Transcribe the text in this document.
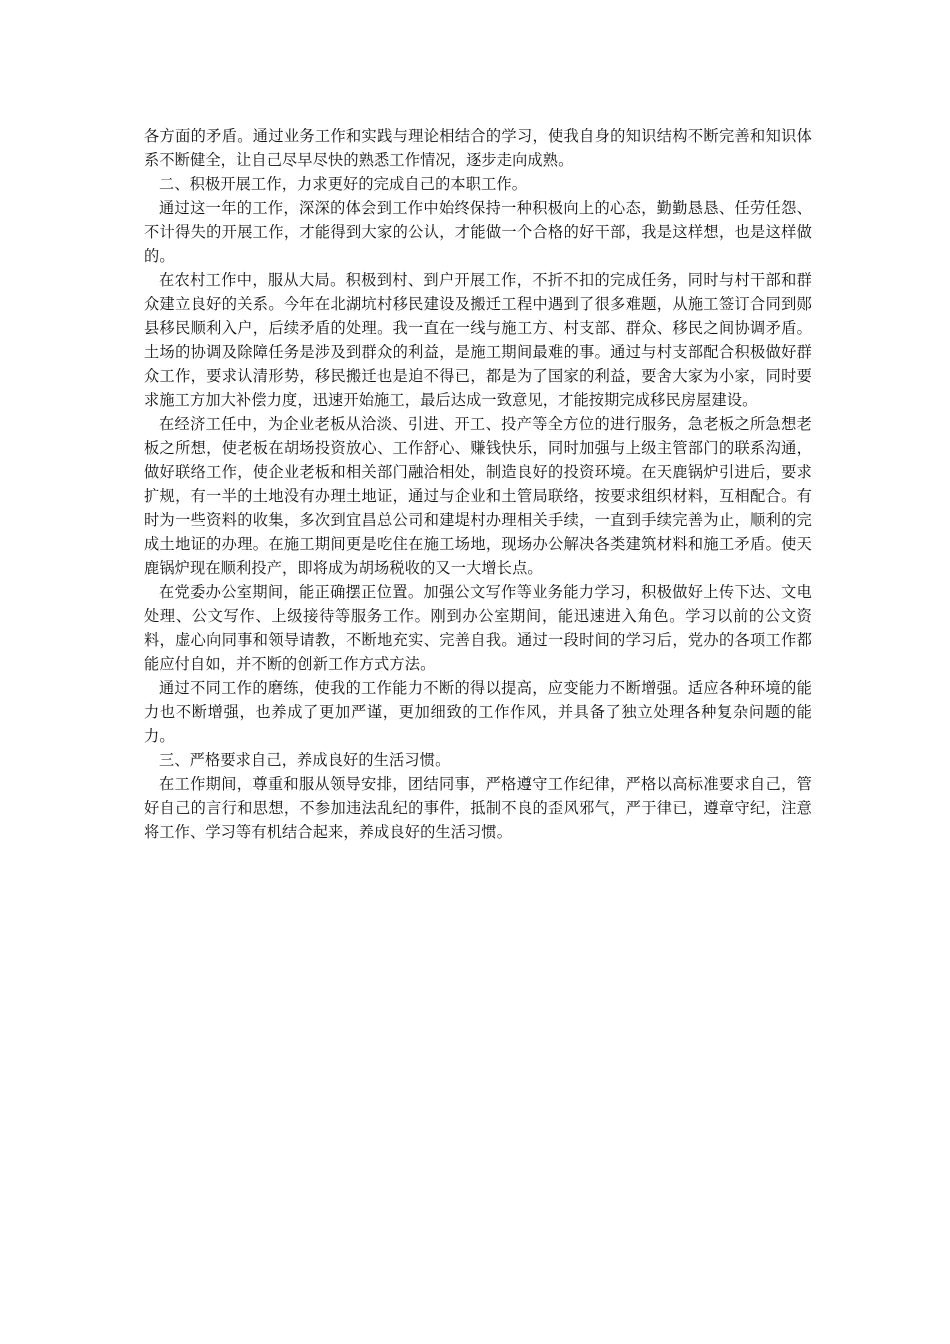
各方面的矛盾。通过业务工作和实践与理论相结合的学习，使我自身的知识结构不断完善和知识体系不断健全，让自己尽早尽快的熟悉工作情况，逐步走向成熟。

二、积极开展工作，力求更好的完成自己的本职工作。

通过这一年的工作，深深的体会到工作中始终保持一种积极向上的心态，勤勤恳恳、任劳任怨、不计得失的开展工作，才能得到大家的公认，才能做一个合格的好干部，我是这样想，也是这样做的。

在农村工作中，服从大局。积极到村、到户开展工作，不折不扣的完成任务，同时与村干部和群众建立良好的关系。今年在北湖坑村移民建设及搬迁工程中遇到了很多难题，从施工签订合同到郧县移民顺利入户，后续矛盾的处理。我一直在一线与施工方、村支部、群众、移民之间协调矛盾。土场的协调及除障任务是涉及到群众的利益，是施工期间最难的事。通过与村支部配合积极做好群众工作，要求认清形势，移民搬迁也是迫不得已，都是为了国家的利益，要舍大家为小家，同时要求施工方加大补偿力度，迅速开始施工，最后达成一致意见，才能按期完成移民房屋建设。

在经济工任中，为企业老板从洽淡、引进、开工、投产等全方位的进行服务，急老板之所急想老板之所想，使老板在胡场投资放心、工作舒心、赚钱快乐，同时加强与上级主管部门的联系沟通，做好联络工作，使企业老板和相关部门融洽相处，制造良好的投资环境。在天鹿锅炉引进后，要求扩规，有一半的土地没有办理土地证，通过与企业和土管局联络，按要求组织材料，互相配合。有时为一些资料的收集，多次到宜昌总公司和建堤村办理相关手续，一直到手续完善为止，顺利的完成土地证的办理。在施工期间更是吃住在施工场地，现场办公解决各类建筑材料和施工矛盾。使天鹿锅炉现在顺利投产，即将成为胡场税收的又一大增长点。

在党委办公室期间，能正确摆正位置。加强公文写作等业务能力学习，积极做好上传下达、文电处理、公文写作、上级接待等服务工作。刚到办公室期间，能迅速进入角色。学习以前的公文资料，虚心向同事和领导请教，不断地充实、完善自我。通过一段时间的学习后，党办的各项工作都能应付自如，并不断的创新工作方式方法。

通过不同工作的磨练，使我的工作能力不断的得以提高，应变能力不断增强。适应各种环境的能力也不断增强，也养成了更加严谨，更加细致的工作作风，并具备了独立处理各种复杂问题的能力。

三、严格要求自己，养成良好的生活习惯。

在工作期间，尊重和服从领导安排，团结同事，严格遵守工作纪律，严格以高标准要求自己，管好自己的言行和思想，不参加违法乱纪的事件，抵制不良的歪风邪气，严于律已，遵章守纪，注意将工作、学习等有机结合起来，养成良好的生活习惯。
